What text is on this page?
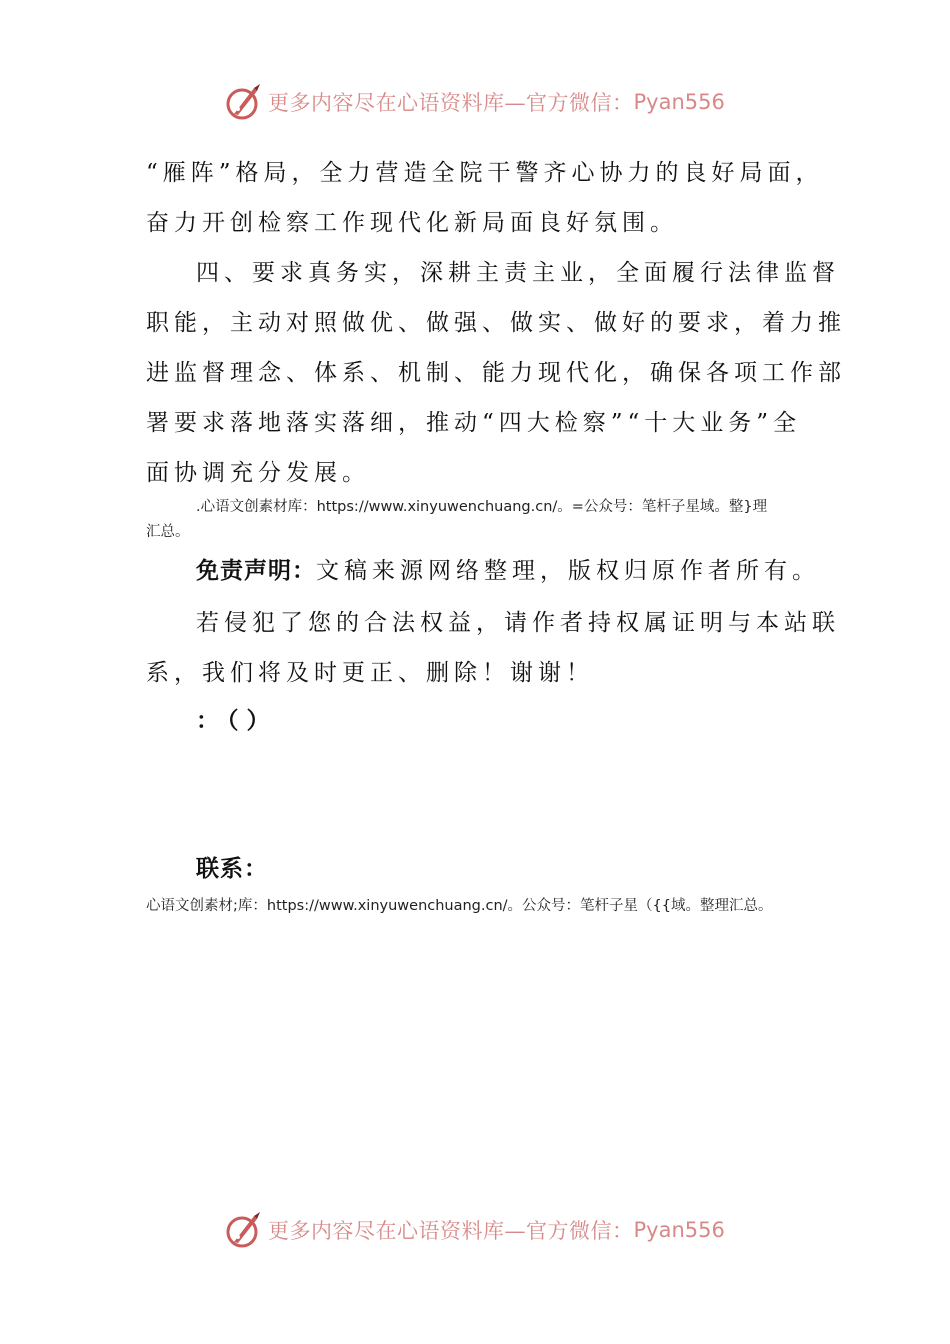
更多内容尽在心语资料库—官方微信： Pyan556
“雁阵”格局，全力营造全院干警齐心协力的良好局面，
奋力开创检察工作现代化新局面良好氛围。
四、要求真务实，深耕主责主业，全面履行法律监督
职能，主动对照做优、做强、做实、做好的要求，着力推
进监督理念、体系、机制、能力现代化，确保各项工作部
署要求落地落实落细，推动“四大检察”“十大业务”全
面协调充分发展。
.心语文创素材库：https://www.xinyuwenchuang.cn/。=公众号：笔杆子星域。整}理
汇总。
免责声明：文稿来源网络整理，版权归原作者所有。
若侵犯了您的合法权益，请作者持权属证明与本站联
系，我们将及时更正、删除！谢谢！
：（）
联系：
心语文创素材;库：https://www.xinyuwenchuang.cn/。公众号：笔杆子星（{{域。整理汇总。
更多内容尽在心语资料库—官方微信： Pyan556
